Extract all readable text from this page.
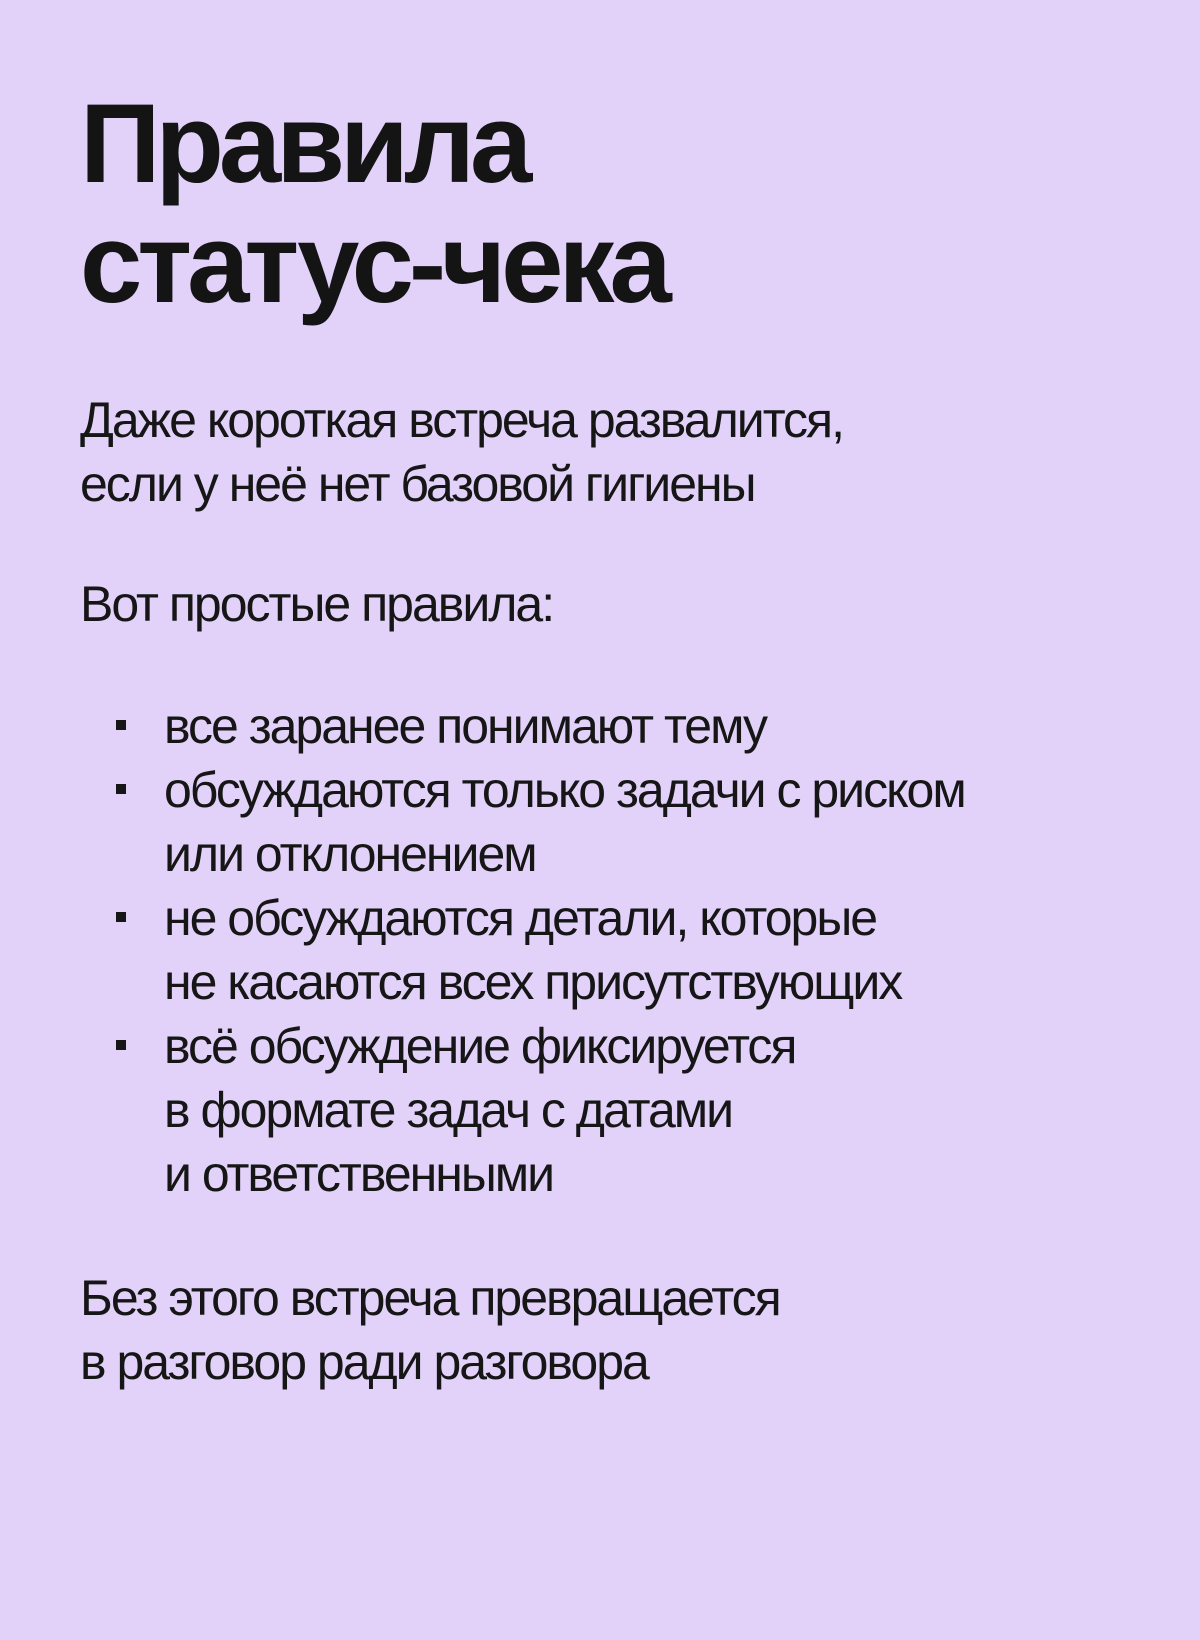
Правила
статус-чека
Даже короткая встреча развалится,
если у неё нет базовой гигиены
Вот простые правила:
все заранее понимают тему
обсуждаются только задачи с риском
или отклонением
не обсуждаются детали, которые
не касаются всех присутствующих
всё обсуждение фиксируется
в формате задач с датами
и ответственными
Без этого встреча превращается
в разговор ради разговора
